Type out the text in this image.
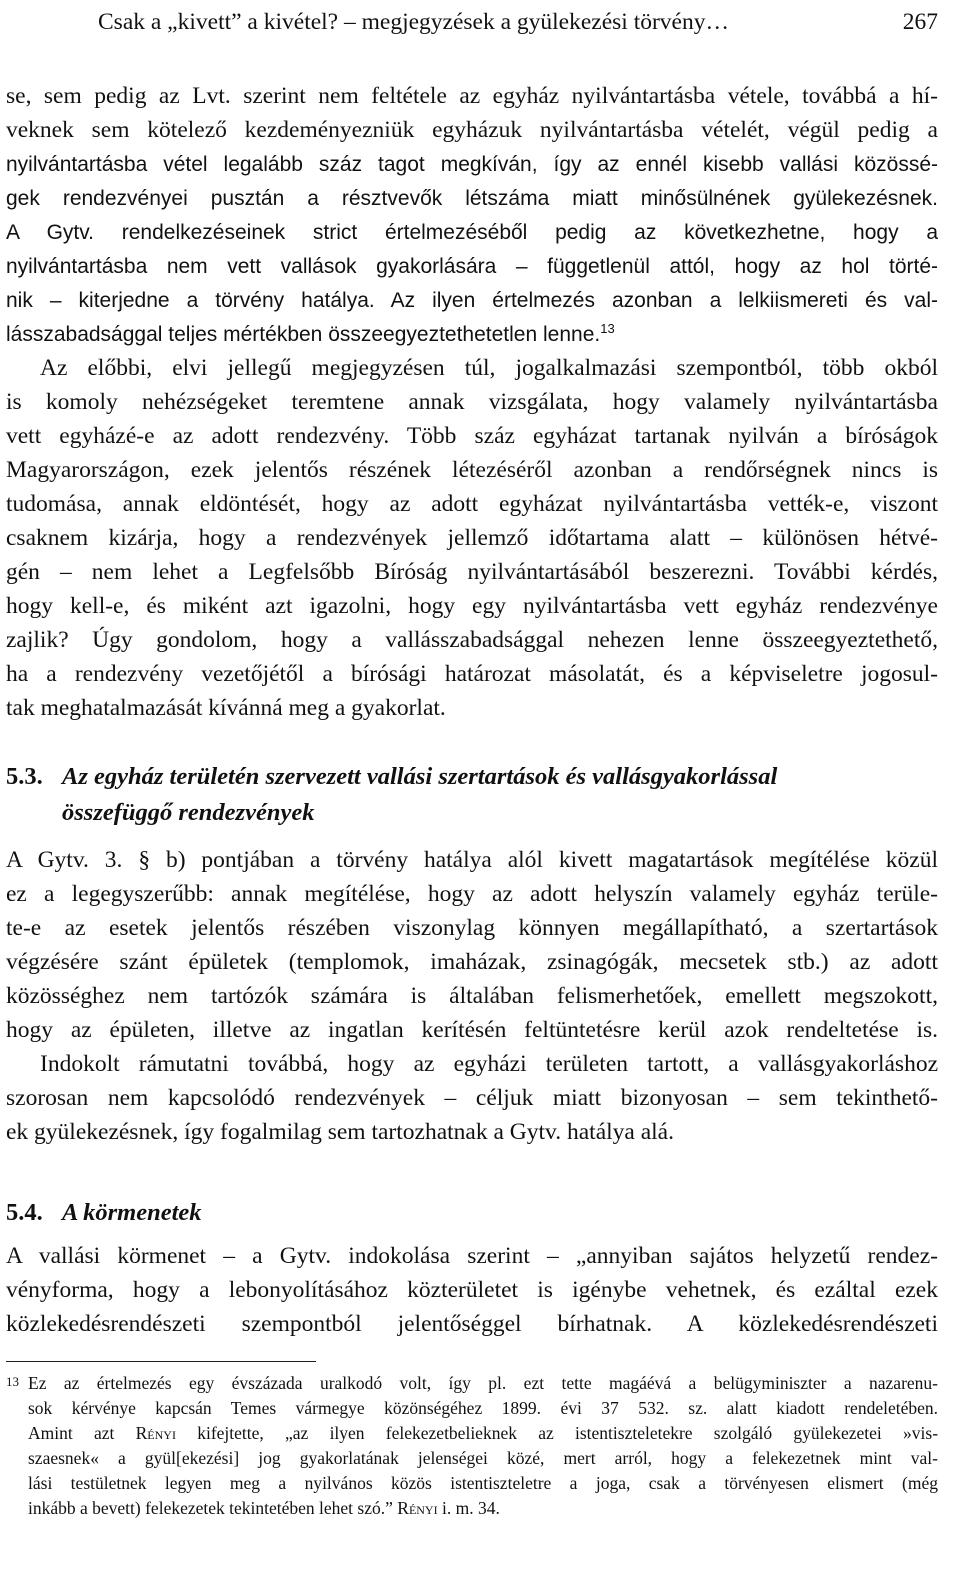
Csak a „kivett” a kivétel? – megjegyzések a gyülekezési törvény…	267
se, sem pedig az Lvt. szerint nem feltétele az egyház nyilvántartásba vétele, továbbá a hí-
veknek sem kötelező kezdeményezniük egyházuk nyilvántartásba vételét, végül pedig a
nyilvántartásba vétel legalább száz tagot megkíván, így az ennél kisebb vallási közössé-
gek rendezvényei pusztán a résztvevők létszáma miatt minősülnének gyülekezésnek.
A Gytv. rendelkezéseinek strict értelmezéséből pedig az következhetne, hogy a
nyilvántartásba nem vett vallások gyakorlására – függetlenül attól, hogy az hol törté-
nik – kiterjedne a törvény hatálya. Az ilyen értelmezés azonban a lelkiismereti és val-
lásszabadsággal teljes mértékben összeegyeztethetetlen lenne.$^{13}$
Az előbbi, elvi jellegű megjegyzésen túl, jogalkalmazási szempontból, több okból
is komoly nehézségeket teremtene annak vizsgálata, hogy valamely nyilvántartásba
vett egyházé-e az adott rendezvény. Több száz egyházat tartanak nyilván a bíróságok
Magyarországon, ezek jelentős részének létezéséről azonban a rendőrségnek nincs is
tudomása, annak eldöntését, hogy az adott egyházat nyilvántartásba vették-e, viszont
csaknem kizárja, hogy a rendezvények jellemző időtartama alatt – különösen hétvé-
gén – nem lehet a Legfelsőbb Bíróság nyilvántartásából beszerezni. További kérdés,
hogy kell-e, és miként azt igazolni, hogy egy nyilvántartásba vett egyház rendezvénye
zajlik? Úgy gondolom, hogy a vallásszabadsággal nehezen lenne összeegyeztethető,
ha a rendezvény vezetőjétől a bírósági határozat másolatát, és a képviseletre jogosul-
tak meghatalmazását kívánná meg a gyakorlat.
5.3. Az egyház területén szervezett vallási szertartások és vallásgyakorlással
összefüggő rendezvények
A Gytv. 3. § b) pontjában a törvény hatálya alól kivett magatartások megítélése közül
ez a legegyszerűbb: annak megítélése, hogy az adott helyszín valamely egyház terüle-
te-e az esetek jelentős részében viszonylag könnyen megállapítható, a szertartások
végzésére szánt épületek (templomok, imaházak, zsinagógák, mecsetek stb.) az adott
közösséghez nem tartózók számára is általában felismerhetőek, emellett megszokott,
hogy az épületen, illetve az ingatlan kerítésén feltüntetésre kerül azok rendeltetése is.
Indokolt rámutatni továbbá, hogy az egyházi területen tartott, a vallásgyakorláshoz
szorosan nem kapcsolódó rendezvények – céljuk miatt bizonyosan – sem tekinthető-
ek gyülekezésnek, így fogalmilag sem tartozhatnak a Gytv. hatálya alá.
5.4. A körmenetek
A vallási körmenet – a Gytv. indokolása szerint – „annyiban sajátos helyzetű rendez-
vényforma, hogy a lebonyolításához közterületet is igénybe vehetnek, és ezáltal ezek
közlekedésrendészeti szempontból jelentőséggel bírhatnak. A közlekedésrendészeti
13 Ez az értelmezés egy évszázada uralkodó volt, így pl. ezt tette magáévá a belügyminiszter a nazarenu-
sok kérvénye kapcsán Temes vármegye közönségéhez 1899. évi 37 532. sz. alatt kiadott rendeletében.
Amint azt Rényi kifejtette, „az ilyen felekezetbelieknek az istentiszteletekre szolgáló gyülekezetei »vis-
szaesnek« a gyül[ekezési] jog gyakorlatának jelenségei közé, mert arról, hogy a felekezetnek mint val-
lási testületnek legyen meg a nyilvános közös istentiszteletre a joga, csak a törvényesen elismert (még
inkább a bevett) felekezetek tekintetében lehet szó.” Rényi i. m. 34.
